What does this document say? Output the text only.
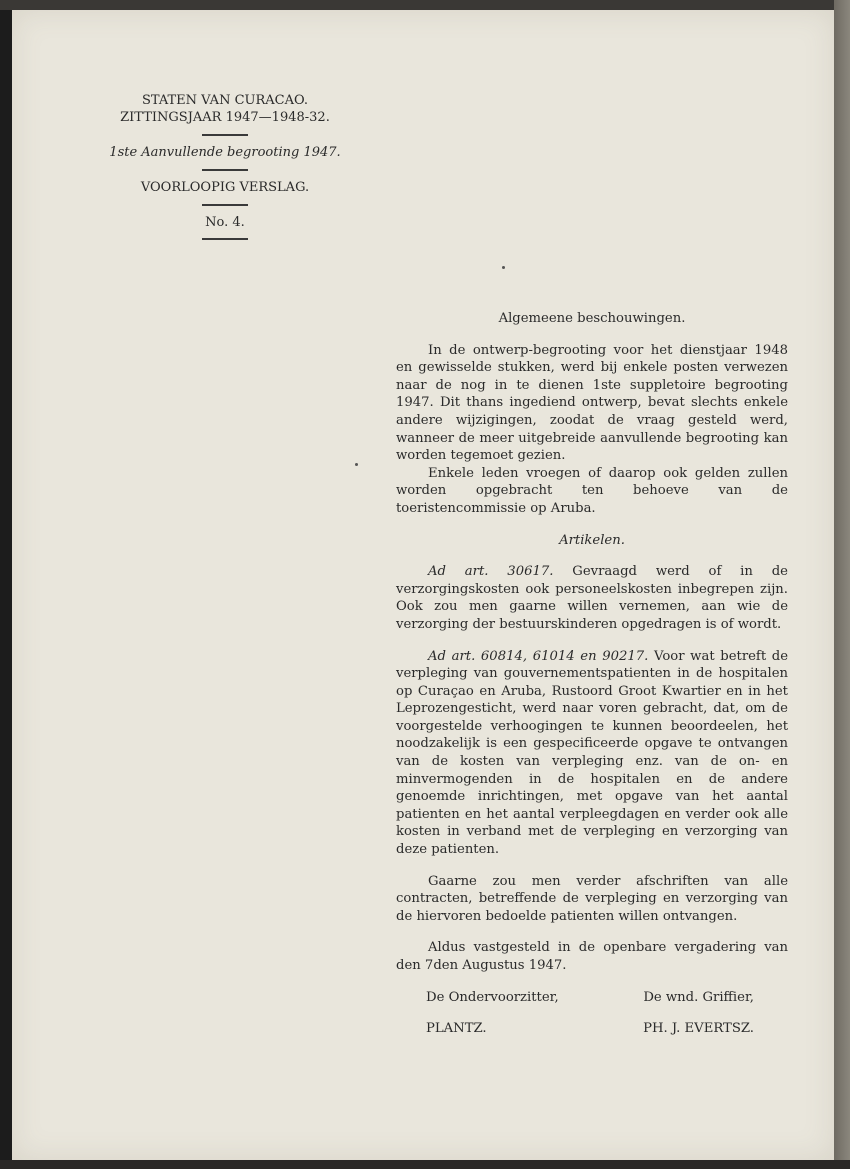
STATEN VAN CURACAO.
ZITTINGSJAAR 1947—1948-32.
1ste Aanvullende begrooting 1947.
VOORLOOPIG VERSLAG.
No. 4.
Algemeene beschouwingen.

In de ontwerp-begrooting voor het dienstjaar 1948 en gewisselde stukken, werd bij enkele posten verwezen naar de nog in te dienen 1ste suppletoire begrooting 1947. Dit thans ingediend ontwerp, bevat slechts enkele andere wijzigingen, zoodat de vraag gesteld werd, wanneer de meer uitgebreide aanvullende begrooting kan worden tegemoet gezien.

Enkele leden vroegen of daarop ook gelden zullen worden opgebracht ten behoeve van de toeristencommissie op Aruba.

Artikelen.

Ad art. 30617. Gevraagd werd of in de verzorgingskosten ook personeelskosten inbegrepen zijn. Ook zou men gaarne willen vernemen, aan wie de verzorging der bestuurskinderen opgedragen is of wordt.

Ad art. 60814, 61014 en 90217. Voor wat betreft de verpleging van gouvernementspatienten in de hospitalen op Curaçao en Aruba, Rustoord Groot Kwartier en in het Leprozengesticht, werd naar voren gebracht, dat, om de voorgestelde verhoogingen te kunnen beoordeelen, het noodzakelijk is een gespecificeerde opgave te ontvangen van de kosten van verpleging enz. van de on- en minvermogenden in de hospitalen en de andere genoemde inrichtingen, met opgave van het aantal patienten en het aantal verpleegdagen en verder ook alle kosten in verband met de verpleging en verzorging van deze patienten.

Gaarne zou men verder afschriften van alle contracten, betreffende de verpleging en verzorging van de hiervoren bedoelde patienten willen ontvangen.

Aldus vastgesteld in de openbare vergadering van den 7den Augustus 1947.

De Ondervoorzitter,	De wnd. Griffier,
PLANTZ.	PH. J. EVERTSZ.
